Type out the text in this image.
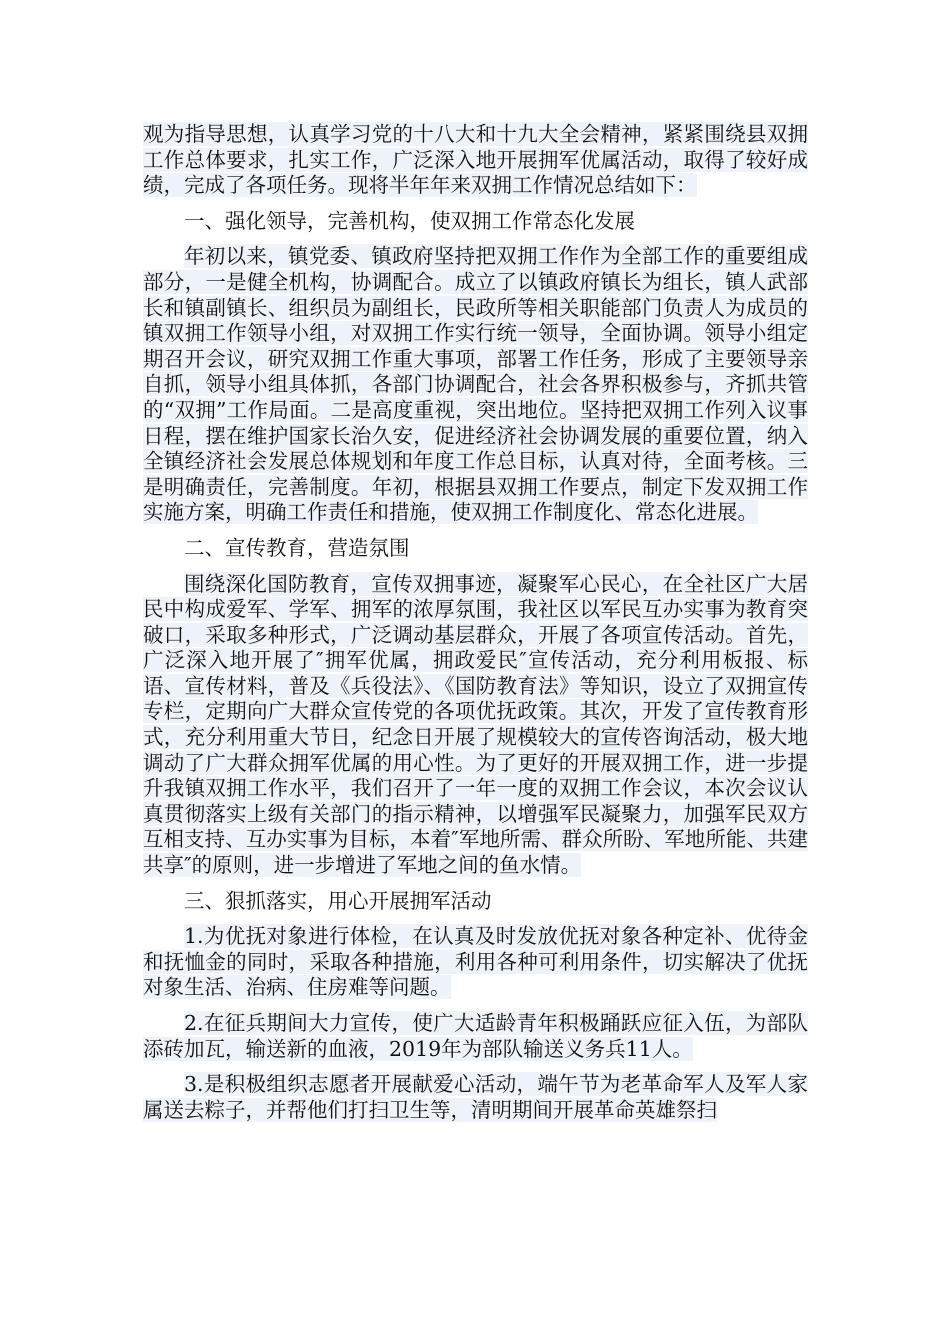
观为指导思想，认真学习党的十八大和十九大全会精神，紧紧围绕县双拥工作总体要求，扎实工作，广泛深入地开展拥军优属活动，取得了较好成绩，完成了各项任务。现将半年年来双拥工作情况总结如下：

一、强化领导，完善机构，使双拥工作常态化发展

年初以来，镇党委、镇政府坚持把双拥工作作为全部工作的重要组成部分，一是健全机构，协调配合。成立了以镇政府镇长为组长，镇人武部长和镇副镇长、组织员为副组长，民政所等相关职能部门负责人为成员的镇双拥工作领导小组，对双拥工作实行统一领导，全面协调。领导小组定期召开会议，研究双拥工作重大事项，部署工作任务，形成了主要领导亲自抓，领导小组具体抓，各部门协调配合，社会各界积极参与，齐抓共管的“双拥”工作局面。二是高度重视，突出地位。坚持把双拥工作列入议事日程，摆在维护国家长治久安，促进经济社会协调发展的重要位置，纳入全镇经济社会发展总体规划和年度工作总目标，认真对待，全面考核。三是明确责任，完善制度。年初，根据县双拥工作要点，制定下发双拥工作实施方案，明确工作责任和措施，使双拥工作制度化、常态化进展。

二、宣传教育，营造氛围

围绕深化国防教育，宣传双拥事迹，凝聚军心民心，在全社区广大居民中构成爱军、学军、拥军的浓厚氛围，我社区以军民互办实事为教育突破口，采取多种形式，广泛调动基层群众，开展了各项宣传活动。首先，广泛深入地开展了″拥军优属，拥政爱民″宣传活动，充分利用板报、标语、宣传材料，普及《兵役法》、《国防教育法》等知识，设立了双拥宣传专栏，定期向广大群众宣传党的各项优抚政策。其次，开发了宣传教育形式，充分利用重大节日，纪念日开展了规模较大的宣传咨询活动，极大地调动了广大群众拥军优属的用心性。为了更好的开展双拥工作，进一步提升我镇双拥工作水平，我们召开了一年一度的双拥工作会议，本次会议认真贯彻落实上级有关部门的指示精神，以增强军民凝聚力，加强军民双方互相支持、互办实事为目标，本着″军地所需、群众所盼、军地所能、共建共享″的原则，进一步增进了军地之间的鱼水情。

三、狠抓落实，用心开展拥军活动

1.为优抚对象进行体检，在认真及时发放优抚对象各种定补、优待金和抚恤金的同时，采取各种措施，利用各种可利用条件，切实解决了优抚对象生活、治病、住房难等问题。

2.在征兵期间大力宣传，使广大适龄青年积极踊跃应征入伍，为部队添砖加瓦，输送新的血液，2019年为部队输送义务兵11人。

3.是积极组织志愿者开展献爱心活动，端午节为老革命军人及军人家属送去粽子，并帮他们打扫卫生等，清明期间开展革命英雄祭扫
